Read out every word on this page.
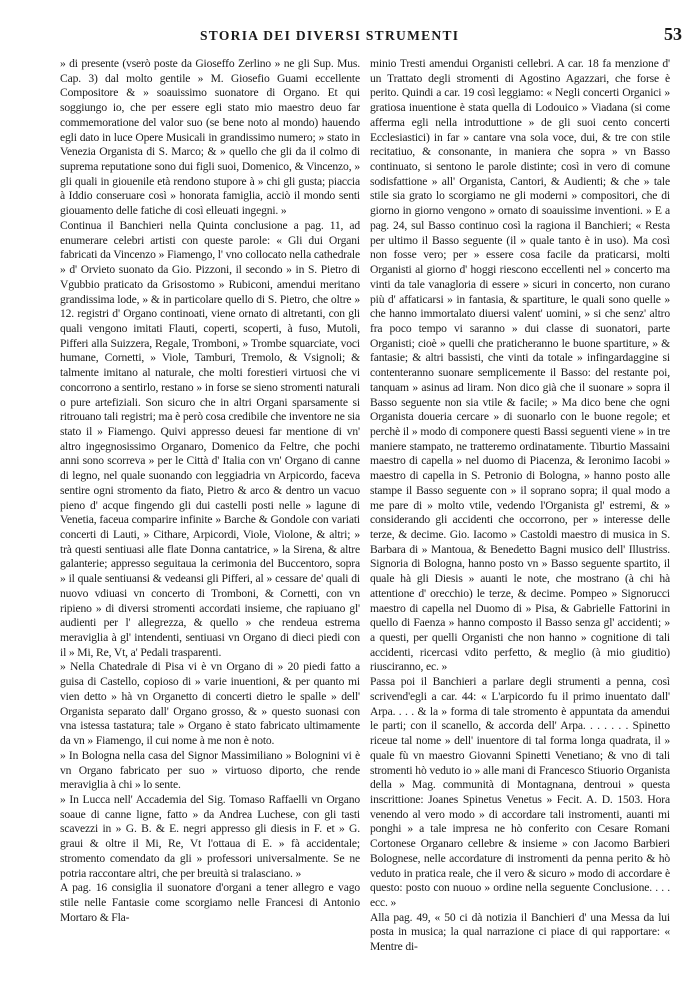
STORIA DEI DIVERSI STRUMENTI	53

» di presente (vserò poste da Gioseffo Zerlino » ne gli Sup. Mus. Cap. 3) dal molto gentile » M. Giosefio Guami eccellente Compositore & » soauissimo suonatore di Organo. Et qui soggiungo io, che per essere egli stato mio maestro deuo far commemoratione del valor suo (se bene noto al mondo) hauendo egli dato in luce Opere Musicali in grandissimo numero; » stato in Venezia Organista di S. Marco; & » quello che gli da il colmo di suprema reputatione sono dui figli suoi, Domenico, & Vincenzo, » gli quali in giouenile età rendono stupore à » chi gli gusta; piaccia à Iddio conseruare così » honorata famiglia, acciò il mondo senti giouamento delle fatiche di così elleuati ingegni. »

Continua il Banchieri nella Quinta conclusione a pag. 11, ad enumerare celebri artisti con queste parole: « Gli dui Organi fabricati da Vincenzo » Fiamengo, l' vno collocato nella cathedrale » d' Orvieto suonato da Gio. Pizzoni, il secondo » in S. Pietro di Vgubbio praticato da Grisostomo » Rubiconi, amendui meritano grandissima lode, » & in particolare quello di S. Pietro, che oltre » 12. registri d' Organo continoati, viene ornato di altretanti, con gli quali vengono imitati Flauti, coperti, scoperti, à fuso, Mutoli, Pifferi alla Suizzera, Regale, Tromboni, » Trombe squarciate, voci humane, Cornetti, » Viole, Tamburi, Tremolo, & Vsignoli; & talmente imitano al naturale, che molti forestieri virtuosi che vi concorrono a sentirlo, restano » in forse se sieno stromenti naturali o pure artefiziali. Son sicuro che in altri Organi sparsamente si ritrouano tali registri; ma è però cosa credibile che inventore ne sia stato il » Fiamengo. Quivi appresso deuesi far mentione di vn' altro ingegnosissimo Organaro, Domenico da Feltre, che pochi anni sono scorreva » per le Città d' Italia con vn' Organo di canne di legno, nel quale suonando con leggiadria vn Arpicordo, faceva sentire ogni stromento da fiato, Pietro & arco & dentro un vacuo pieno d' acque fingendo gli dui castelli posti nelle » lagune di Venetia, faceua comparire infinite » Barche & Gondole con variati concerti di Lauti, » Cithare, Arpicordi, Viole, Violone, & altri; » trà questi sentiuasi alle flate Donna cantatrice, » la Sirena, & altre galanterie; appresso seguitaua la cerimonia del Buccentoro, sopra » il quale sentiuansi & vedeansi gli Pifferi, al » cessare de' quali di nuovo vdiuasi vn concerto di Tromboni, & Cornetti, con vn ripieno » di diversi stromenti accordati insieme, che rapiuano gl' audienti per l' allegrezza, & quello » che rendeua estrema meraviglia à gl' intendenti, sentiuasi vn Organo di dieci piedi con il » Mi, Re, Vt, a' Pedali trasparenti.

» Nella Chatedrale di Pisa vi è vn Organo di » 20 piedi fatto a guisa di Castello, copioso di » varie inuentioni, & per quanto mi vien detto » hà vn Organetto di concerti dietro le spalle » dell' Organista separato dall' Organo grosso, & » questo suonasi con vna istessa tastatura; tale » Organo è stato fabricato ultimamente da vn » Fiamengo, il cui nome à me non è noto.

» In Bologna nella casa del Signor Massimiliano » Bolognini vi è vn Organo fabricato per suo » virtuoso diporto, che rende meraviglia à chi » lo sente.

» In Lucca nell' Accademia del Sig. Tomaso Raffaelli vn Organo soaue di canne ligne, fatto » da Andrea Luchese, con gli tasti scavezzi in » G. B. & E. negri appresso gli diesis in F. et » G. graui & oltre il Mi, Re, Vt l'ottaua di E. » fà accidentale; stromento comendato da gli » professori universalmente. Se ne potria raccontare altri, che per breuità si tralasciano. »

A pag. 16 consiglia il suonatore d'organi a tener allegro e vago stile nelle Fantasie come scorgiamo nelle Francesi di Antonio Mortaro & Fla-

minio Tresti amendui Organisti cellebri. A car. 18 fa menzione d' un Trattato degli stromenti di Agostino Agazzari, che forse è perito. Quindi a car. 19 così leggiamo: « Negli concerti Organici » gratiosa inuentione è stata quella di Lodouico » Viadana (si come afferma egli nella introduttione » de gli suoi cento concerti Ecclesiastici) in far » cantare vna sola voce, dui, & tre con stile recitatiuo, & consonante, in maniera che sopra » vn Basso continuato, si sentono le parole distinte; così in vero di comune sodisfattione » all' Organista, Cantori, & Audienti; & che » tale stile sia grato lo scorgiamo ne gli moderni » compositori, che di giorno in giorno vengono » ornato di soauissime inventioni. » E a pag. 24, sul Basso continuo così la ragiona il Banchieri; « Resta per ultimo il Basso seguente (il » quale tanto è in uso). Ma così non fosse vero; per » essere cosa facile da praticarsi, molti Organisti al giorno d' hoggi riescono eccellenti nel » concerto ma vinti da tale vanagloria di essere » sicuri in concerto, non curano più d' affaticarsi » in fantasia, & spartiture, le quali sono quelle » che hanno immortalato diuersi valent' uomini, » si che senz' altro fra poco tempo vi saranno » dui classe di suonatori, parte Organisti; cioè » quelli che praticheranno le buone spartiture, » & fantasie; & altri bassisti, che vinti da totale » infingardaggine si contenteranno suonare semplicemente il Basso: del restante poi, tanquam » asinus ad liram. Non dico già che il suonare » sopra il Basso seguente non sia vtile & facile; » Ma dico bene che ogni Organista doueria cercare » di suonarlo con le buone regole; et perchè il » modo di componere questi Bassi seguenti viene » in tre maniere stampato, ne tratteremo ordinatamente. Tiburtio Massaini maestro di capella » nel duomo di Piacenza, & Ieronimo Iacobi » maestro di capella in S. Petronio di Bologna, » hanno posto alle stampe il Basso seguente con » il soprano sopra; il qual modo a me pare di » molto vtile, vedendo l'Organista gl' estremi, & » considerando gli accidenti che occorrono, per » interesse delle terze, & decime. Gio. Iacomo » Castoldi maestro di musica in S. Barbara di » Mantoua, & Benedetto Bagni musico dell' Illustriss. Signoria di Bologna, hanno posto vn » Basso seguente spartito, il quale hà gli Diesis » auanti le note, che mostrano (à chi hà attentione d' orecchio) le terze, & decime. Pompeo » Signorucci maestro di capella nel Duomo di » Pisa, & Gabrielle Fattorini in quello di Faenza » hanno composto il Basso senza gl' accidenti; » a questi, per quelli Organisti che non hanno » cognitione di tali accidenti, ricercasi vdito perfetto, & meglio (à mio giuditio) riusciranno, ec. »

Passa poi il Banchieri a parlare degli strumenti a penna, così scrivend'egli a car. 44: « L'arpicordo fu il primo inuentato dall' Arpa. . . . & la » forma di tale stromento è appuntata da amendui le parti; con il scanello, & accorda dell' Arpa. . . . . . . Spinetto riceue tal nome » dell' inuentore di tal forma longa quadrata, il » quale fù vn maestro Giovanni Spinetti Venetiano; & vno di tali stromenti hò veduto io » alle mani di Francesco Stiuorio Organista della » Mag. communità di Montagnana, dentroui » questa inscrittione: Joanes Spinetus Venetus » Fecit. A. D. 1503. Hora venendo al vero modo » di accordare tali instromenti, auanti mi ponghi » a tale impresa ne hò conferito con Cesare Romani Cortonese Organaro cellebre & insieme » con Jacomo Barbieri Bolognese, nelle accordature di instromenti da penna perito & hò veduto in pratica reale, che il vero & sicuro » modo di accordare è questo: posto con nuouo » ordine nella seguente Conclusione. . . . ecc. »

Alla pag. 49, « 50 ci dà notizia il Banchieri d' una Messa da lui posta in musica; la qual narrazione ci piace di qui rapportare: « Mentre di-
